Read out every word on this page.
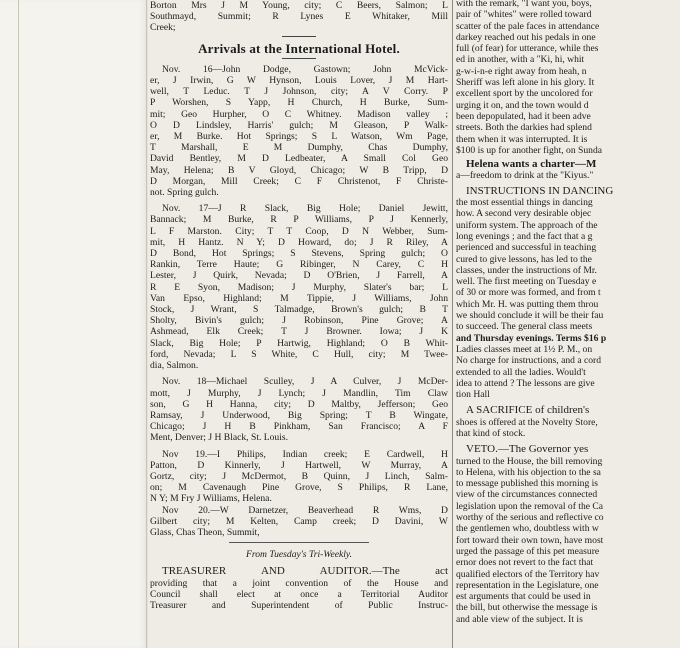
Borton Mrs J M Young, city; C Beers, Salmon; L
Southmayd, Summit; R Lynes E Whitaker, Mill
Creek;
Arrivals at the International Hotel.
Nov. 16—John Dodge, Gastown; John McVick-
er, J Irwin, G W Hynson, Louis Lover, J M Hart-
well, T Leduc. T J Johnson, city; A V Corry. P
P Worshen, S Yapp, H Church, H Burke, Sum-
mit; Geo Hurpher, O C Whitney. Madison valley ;
O D Lindsley, Harris' gulch; M Gleason, P Walk-
er, M Burke. Hot Springs; S L Watson, Wm Page,
T Marshall, E M Dumphy, Chas Dumphy,
David Bentley, M D Ledbeater, A Small Col Geo
May, Helena; B V Gloyd, Chicago; W B Tripp, D
D Morgan, Mill Creek; C F Christenot, F Christe-
not. Spring gulch.
Nov. 17—J R Slack, Big Hole; Daniel Jewitt,
Bannack; M Burke, R P Williams, P J Kennerly,
L F Marston. City; T T Coop, D N Webber, Sum-
mit, H Hantz. N Y; D Howard, do; J R Riley, A
D Bond, Hot Springs; S Stevens, Spring gulch; O
Rankin, Terre Haute; G Ribinger, N Carey, C H
Lester, J Quirk, Nevada; D O'Brien, J Farrell, A
R E Syon, Madison; J Murphy, Slater's bar; L
Van Epso, Highland; M Tippie, J Williams, John
Stock, J Wrant, S Talmadge, Brown's gulch; B T
Sholty, Bivin's gulch; J Robinson, Pine Grove; A
Ashmead, Elk Creek; T J Browner. Iowa; J K
Slack, Big Hole; P Hartwig, Highland; O B Whit-
ford, Nevada; L S White, C Hull, city; M Twee-
dia, Salmon.
Nov. 18—Michael Sculley, J A Culver, J McDer-
mott, J Murphy, J Lynch; J Mandlin, Tim Claw
son, G H Hanna, city; D Maltby, Jefferson; Geo
Ramsay, J Underwood, Big Spring; T B Wingate,
Chicago; J H B Pinkham, San Francisco; A F
Ment, Denver; J H Black, St. Louis.
Nov 19.—I Philips, Indian creek; E Cardwell, H
Patton, D Kinnerly, J Hartwell, W Murray, A
Gortz, city; J McDermot, B Quinn, J Linch, Salm-
on; M Cavenaugh Pine Grove, S Philips, R Lane,
N Y; M Fry J Williams, Helena.
Nov 20.—W Darnetzer, Beaverhead R Wms, D
Gilbert city; M Kelten, Camp creek; D Davini, W
Glass, Chas Theon, Summit,
From Tuesday's Tri-Weekly.
TREASURER AND AUDITOR.—The act
providing that a joint convention of the House and
Council shall elect at once a Territorial Auditor
Treasurer and Superintendent of Public Instruc-
with the remark, "I want you, boys,
pair of "whites" were rolled toward
scatter of the pale faces in attendance
darkey reached out his pedals in one
full (of fear) for utterance, while thes
ed in another, with a "Ki, hi, whit
g-w-i-n-e right away from heah, n
Sheriff was left alone in his glory. It
excellent sport by the uncolored for
urging it on, and the town would d
been depopulated, had it been adve
streets. Both the darkies had splend
them when it was interrupted. It is
$100 is up for another fight, on Sunda
Helena wants a charter—M
a—freedom to drink at the "Kiyus."
INSTRUCTIONS IN DANCING
the most essential things in dancing
how. A second very desirable objec
uniform system. The approach of the
long evenings ; and the fact that a g
perienced and successful in teaching
cured to give lessons, has led to the
classes, under the instructions of Mr.
well. The first meeting on Tuesday e
of 30 or more was formed, and from t
which Mr. H. was putting them throu
we should conclude it will be their fau
to succeed. The general class meets
and Thursday evenings. Terms $16 p
Ladies classes meet at 1½ P. M., on
No charge for instructions, and a cord
extended to all the ladies. Would't
idea to attend ? The lessons are give
tion Hall
A SACRIFICE of children's
shoes is offered at the Novelty Store,
that kind of stock.
VETO.—The Governor yes
turned to the House, the bill removing
to Helena, with his objection to the sa
to message published this morning is
view of the circumstances connected
legislation upon the removal of the Ca
worthy of the serious and reflective co
the gentlemen who, doubtless with w
fort toward their own town, have most
urged the passage of this pet measure
ernor does not revert to the fact that
qualified electors of the Territory hav
representation in the Legislature, one
est arguments that could be used in
the bill, but otherwise the message is
and able view of the subject. It is
